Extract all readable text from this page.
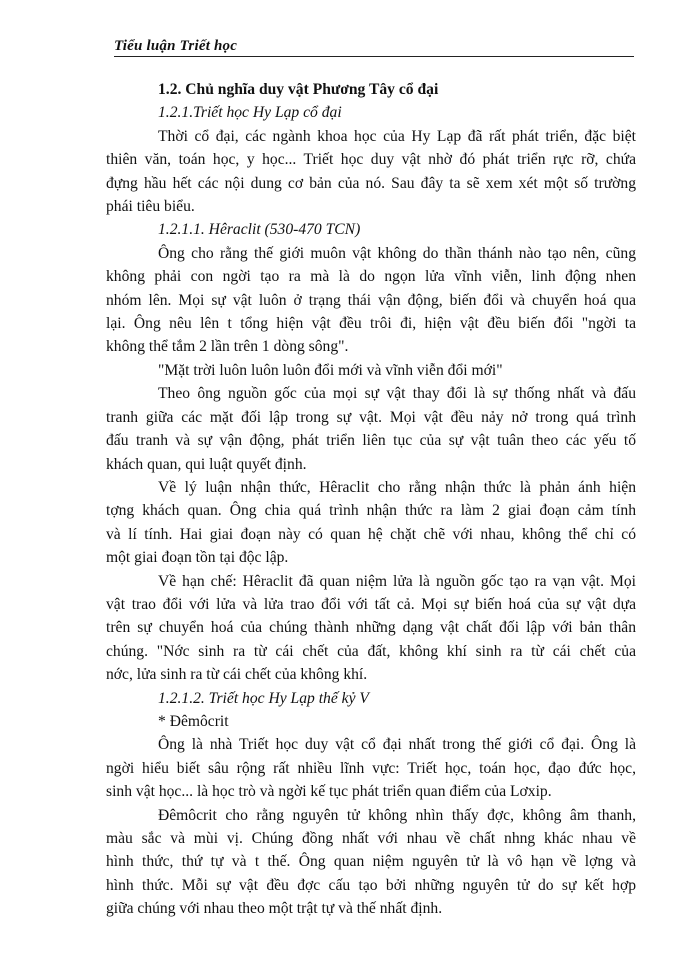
Tiểu luận Triết học
1.2. Chủ nghĩa duy vật Phương Tây cổ đại
1.2.1.Triết học Hy Lạp cổ đại
Thời cổ đại, các ngành khoa học của Hy Lạp đã rất phát triển, đặc biệt
thiên văn, toán học, y học... Triết học duy vật nhờ đó phát triển rực rỡ, chứa
đựng hầu hết các nội dung cơ bản của nó. Sau đây ta sẽ xem xét một số trường
phái tiêu biểu.
1.2.1.1. Hêraclit (530-470 TCN)
Ông cho rằng thế giới muôn vật không do thần thánh nào tạo nên, cũng
không phải con ngời tạo ra mà là do ngọn lửa vĩnh viễn, linh động nhen
nhóm lên. Mọi sự vật luôn ở trạng thái vận động, biến đổi và chuyển hoá qua
lại. Ông nêu lên t tổng hiện vật đều trôi đi, hiện vật đều biến đổi "ngời ta
không thể tắm 2 lần trên 1 dòng sông".
"Mặt trời luôn luôn luôn đổi mới và vĩnh viễn đổi mới"
Theo ông nguồn gốc của mọi sự vật thay đổi là sự thống nhất và đấu
tranh giữa các mặt đối lập trong sự vật. Mọi vật đều nảy nở trong quá trình
đấu tranh và sự vận động, phát triển liên tục của sự vật tuân theo các yếu tố
khách quan, qui luật quyết định.
Về lý luận nhận thức, Hêraclit cho rằng nhận thức là phản ánh hiện
tợng khách quan. Ông chia quá trình nhận thức ra làm 2 giai đoạn cảm tính
và lí tính. Hai giai đoạn này có quan hệ chặt chẽ với nhau, không thể chỉ có
một giai đoạn tồn tại độc lập.
Về hạn chế: Hêraclit đã quan niệm lửa là nguồn gốc tạo ra vạn vật. Mọi
vật trao đổi với lửa và lửa trao đổi với tất cả. Mọi sự biến hoá của sự vật dựa
trên sự chuyển hoá của chúng thành những dạng vật chất đối lập với bản thân
chúng. "Nớc sinh ra từ cái chết của đất, không khí sinh ra từ cái chết của
nớc, lửa sinh ra từ cái chết của không khí.
1.2.1.2. Triết học Hy Lạp thế kỷ V
* Đêmôcrit
Ông là nhà Triết học duy vật cổ đại nhất trong thế giới cổ đại. Ông là
ngời hiểu biết sâu rộng rất nhiều lĩnh vực: Triết học, toán học, đạo đức học,
sinh vật học... là học trò và ngời kế tục phát triển quan điểm của Lơxip.
Đêmôcrit cho rằng nguyên tử không nhìn thấy đợc, không âm thanh,
màu sắc và mùi vị. Chúng đồng nhất với nhau về chất nhng khác nhau về
hình thức, thứ tự và t thế. Ông quan niệm nguyên tử là vô hạn về lợng và
hình thức. Mỗi sự vật đều đợc cấu tạo bởi những nguyên tử do sự kết hợp
giữa chúng với nhau theo một trật tự và thế nhất định.
